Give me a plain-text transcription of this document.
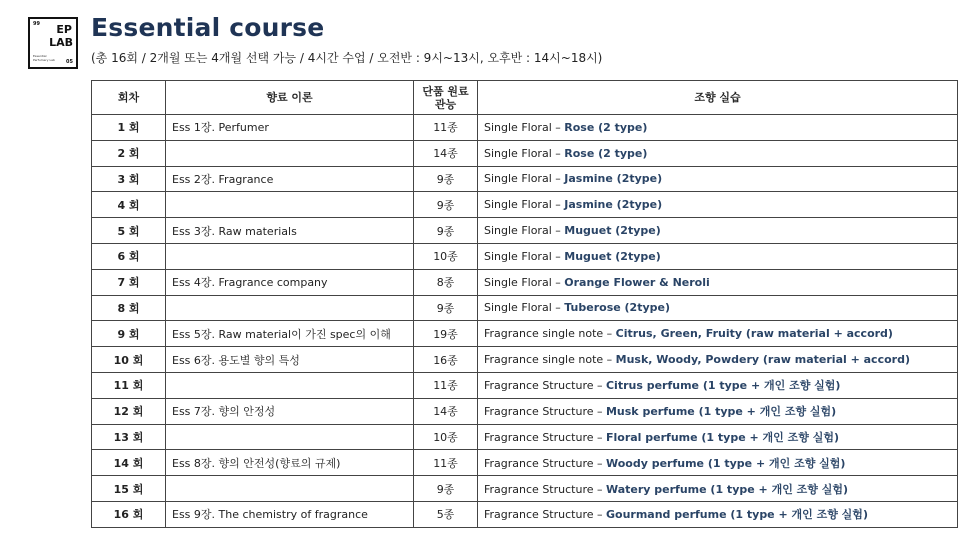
99 EP
LAB
Essential Perfumery Lab	05
Essential course
(총 16회 / 2개월 또는 4개월 선택 가능 / 4시간 수업 / 오전반 : 9시~13시, 오후반 : 14시~18시)
회차	향료 이론	단품 원료 관능	조향 실습
1 회	Ess 1장. Perfumer	11종	Single Floral – Rose (2 type)
2 회		14종	Single Floral – Rose (2 type)
3 회	Ess 2장. Fragrance	9종	Single Floral – Jasmine (2type)
4 회		9종	Single Floral – Jasmine (2type)
5 회	Ess 3장. Raw materials	9종	Single Floral – Muguet (2type)
6 회		10종	Single Floral – Muguet (2type)
7 회	Ess 4장. Fragrance company	8종	Single Floral – Orange Flower & Neroli
8 회		9종	Single Floral – Tuberose (2type)
9 회	Ess 5장. Raw material이 가진 spec의 이해	19종	Fragrance single note – Citrus, Green, Fruity (raw material + accord)
10 회	Ess 6장. 용도별 향의 특성	16종	Fragrance single note – Musk, Woody, Powdery (raw material + accord)
11 회		11종	Fragrance Structure – Citrus perfume (1 type + 개인 조향 실험)
12 회	Ess 7장. 향의 안정성	14종	Fragrance Structure – Musk perfume (1 type + 개인 조향 실험)
13 회		10종	Fragrance Structure – Floral perfume (1 type + 개인 조향 실험)
14 회	Ess 8장. 향의 안전성(향료의 규제)	11종	Fragrance Structure – Woody perfume (1 type + 개인 조향 실험)
15 회		9종	Fragrance Structure – Watery perfume (1 type + 개인 조향 실험)
16 회	Ess 9장. The chemistry of fragrance	5종	Fragrance Structure – Gourmand perfume (1 type + 개인 조향 실험)
